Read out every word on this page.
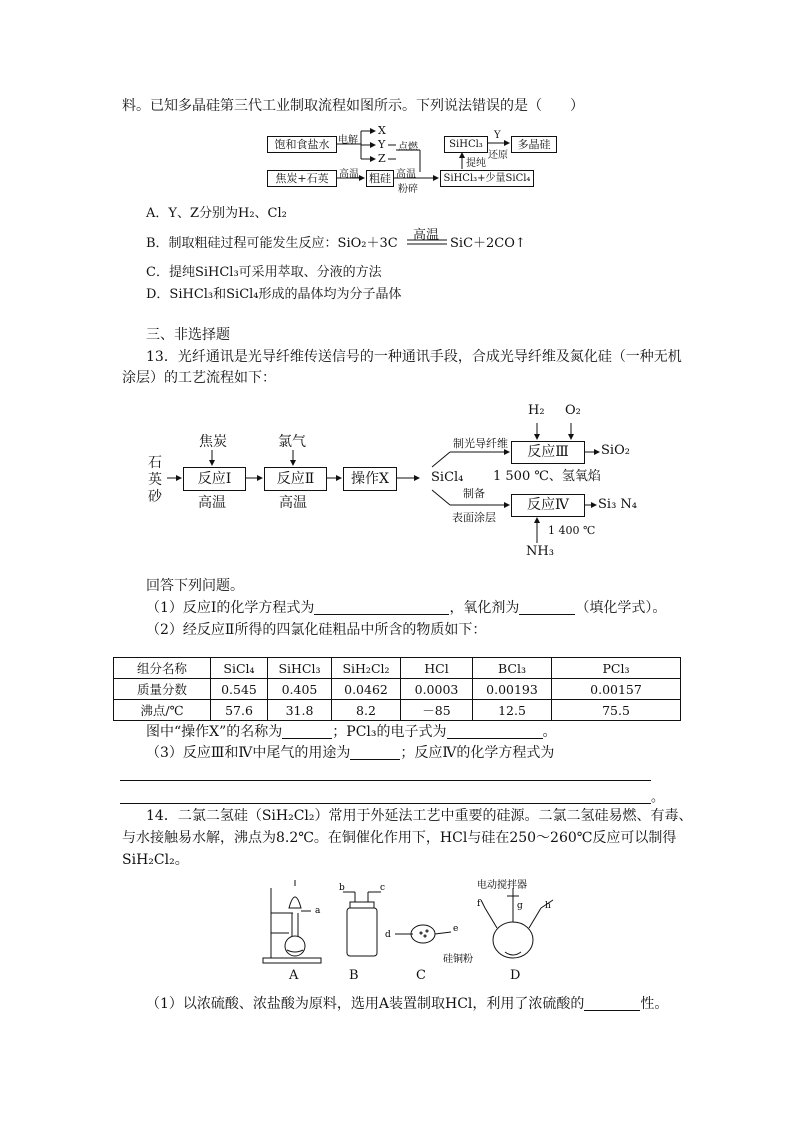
料。已知多晶硅第三代工业制取流程如图所示。下列说法错误的是（　　）
饱和食盐水 电解
X
Y
Z
点燃
焦炭+石英	高温 粗硅 高温
粉碎
SiHCl₃+少量SiCl₄
提纯
SiHCl₃
Y
还原
多晶硅
A．Y、Z分别为H₂、Cl₂
B．制取粗硅过程可能发生反应：SiO₂＋3C
高温
SiC＋2CO↑
C．提纯SiHCl₃可采用萃取、分液的方法
D．SiHCl₃和SiCl₄形成的晶体均为分子晶体
三、非选择题
13．光纤通讯是光导纤维传送信号的一种通讯手段，合成光导纤维及氮化硅（一种无机
涂层）的工艺流程如下：
石
英
砂
焦炭	氯气
反应Ⅰ	反应Ⅱ	操作X
高温	高温
SiCl₄
制光导纤维
制备
表面涂层
H₂ O₂
反应Ⅲ	SiO₂
1 500 ℃、氢氧焰
反应Ⅳ	Si₃ N₄
1 400 ℃
NH₃
回答下列问题。
（1）反应Ⅰ的化学方程式为	，氧化剂为	（填化学式）。
（2）经反应Ⅱ所得的四氯化硅粗品中所含的物质如下：
组分名称	SiCl₄	SiHCl₃	SiH₂Cl₂	HCl	BCl₃	PCl₃
质量分数	0.545	0.405	0.0462	0.0003	0.00193	0.00157
沸点/℃	57.6	31.8	8.2	－85	12.5	75.5
图中“操作X”的名称为	；PCl₃的电子式为	。
（3）反应Ⅲ和Ⅳ中尾气的用途为	；反应Ⅳ的化学方程式为
。
14．二氯二氢硅（SiH₂Cl₂）常用于外延法工艺中重要的硅源。二氯二氢硅易燃、有毒、
与水接触易水解，沸点为8.2℃。在铜催化作用下，HCl与硅在250～260℃反应可以制得
SiH₂Cl₂。
a
b	c
d
e
f	g h
电动搅拌器
硅铜粉
A	B	C	D
（1）以浓硫酸、浓盐酸为原料，选用A装置制取HCl，利用了浓硫酸的	性。
